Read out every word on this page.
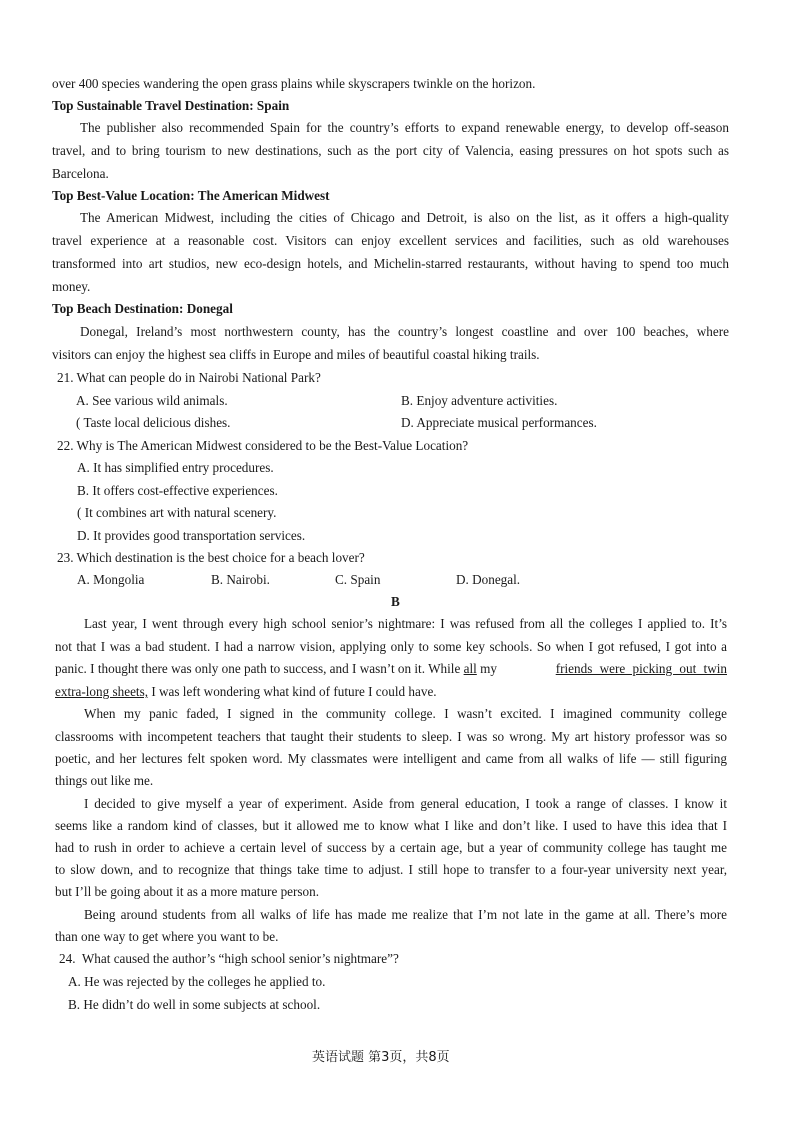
over 400 species wandering the open grass plains while skyscrapers twinkle on the horizon.
Top Sustainable Travel Destination: Spain
The publisher also recommended Spain for the country’s efforts to expand renewable energy, to develop off-season
travel, and to bring tourism to new destinations, such as the port city of Valencia, easing pressures on hot spots such as
Barcelona.
Top Best-Value Location: The American Midwest
The American Midwest, including the cities of Chicago and Detroit, is also on the list, as it offers a high-quality
travel experience at a reasonable cost. Visitors can enjoy excellent services and facilities, such as old warehouses
transformed into art studios, new eco-design hotels, and Michelin-starred restaurants, without having to spend too much
money.
Top Beach Destination: Donegal
Donegal, Ireland’s most northwestern county, has the country’s longest coastline and over 100 beaches, where
visitors can enjoy the highest sea cliffs in Europe and miles of beautiful coastal hiking trails.
21. What can people do in Nairobi National Park?
A. See various wild animals.	B. Enjoy adventure activities.
( Taste local delicious dishes.	D. Appreciate musical performances.
22. Why is The American Midwest considered to be the Best-Value Location?
A. It has simplified entry procedures.
B. It offers cost-effective experiences.
( It combines art with natural scenery.
D. It provides good transportation services.
23. Which destination is the best choice for a beach lover?
A. Mongolia	B. Nairobi.	C. Spain	D. Donegal.
B
Last year, I went through every high school senior’s nightmare: I was refused from all the colleges I applied to. It’s
not that I was a bad student. I had a narrow vision, applying only to some key schools. So when I got refused, I got into a
panic. I thought there was only one path to success, and I wasn’t on it. While all my	friends were picking out twin
extra-long sheets, I was left wondering what kind of future I could have.
When my panic faded, I signed in the community college. I wasn’t excited. I imagined community college
classrooms with incompetent teachers that taught their students to sleep. I was so wrong. My art history professor was so
poetic, and her lectures felt spoken word. My classmates were intelligent and came from all walks of life — still figuring
things out like me.
I decided to give myself a year of experiment. Aside from general education, I took a range of classes. I know it
seems like a random kind of classes, but it allowed me to know what I like and don’t like. I used to have this idea that I
had to rush in order to achieve a certain level of success by a certain age, but a year of community college has taught me
to slow down, and to recognize that things take time to adjust. I still hope to transfer to a four-year university next year,
but I’ll be going about it as a more mature person.
Being around students from all walks of life has made me realize that I’m not late in the game at all. There’s more
than one way to get where you want to be.
24.  What caused the author’s “high school senior’s nightmare”?
A. He was rejected by the colleges he applied to.
B. He didn’t do well in some subjects at school.
英语试题 第3页，共8页
